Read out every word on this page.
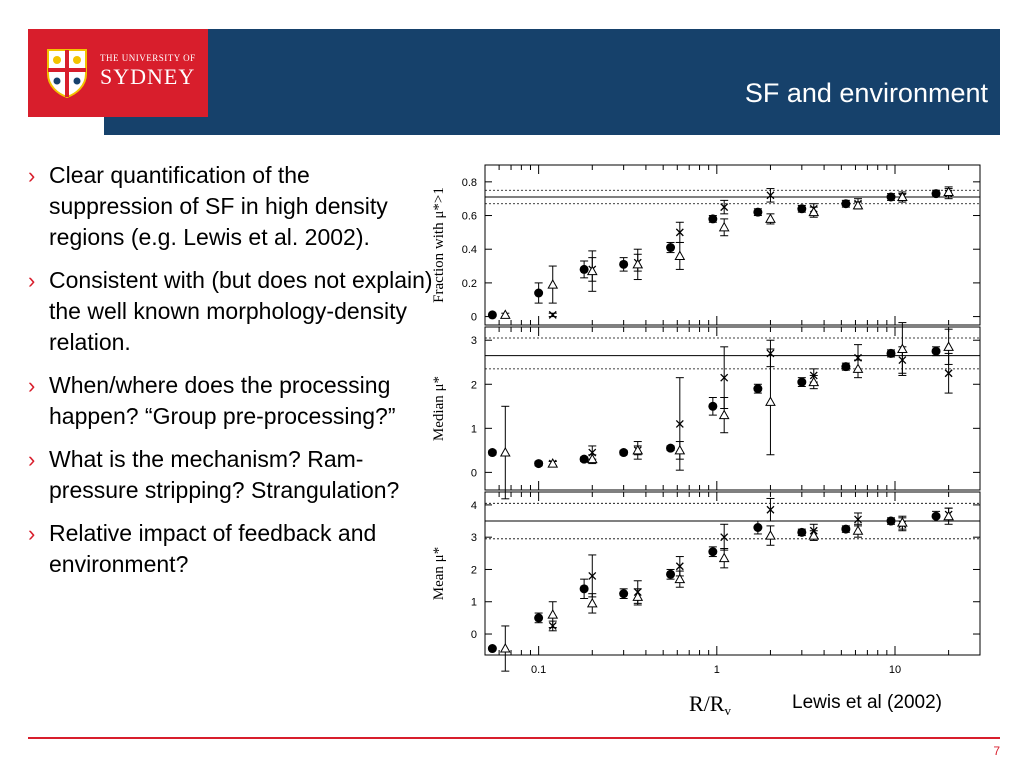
THE UNIVERSITY OF
SYDNEY
SF and environment
› Clear quantification of the suppression of SF in high density regions (e.g. Lewis et al. 2002).
› Consistent with (but does not explain) the well known morphology-density relation.
› When/where does the processing happen? “Group pre-processing?”
› What is the mechanism? Ram-pressure stripping? Strangulation?
› Relative impact of feedback and environment?
0
0.2
0.4
0.6
0.8
Fraction with μ*>1
0
1
2
3
Median μ*
0
1
2
3
4
Mean μ*
0.1	1	10
R/Rv	Lewis et al (2002)
7
